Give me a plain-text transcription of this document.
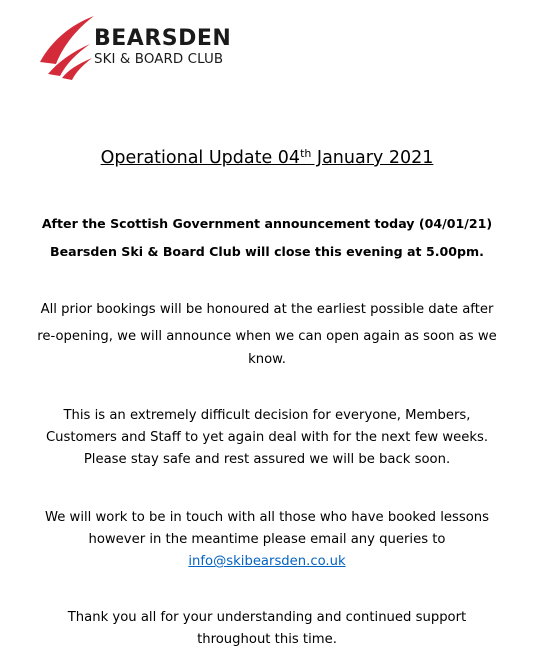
BEARSDEN
SKI & BOARD CLUB
Operational Update 04th January 2021
After the Scottish Government announcement today (04/01/21)
Bearsden Ski & Board Club will close this evening at 5.00pm.
All prior bookings will be honoured at the earliest possible date after
re-opening, we will announce when we can open again as soon as we
know.
This is an extremely difficult decision for everyone, Members,
Customers and Staff to yet again deal with for the next few weeks.
Please stay safe and rest assured we will be back soon.
We will work to be in touch with all those who have booked lessons
however in the meantime please email any queries to
info@skibearsden.co.uk
Thank you all for your understanding and continued support
throughout this time.
